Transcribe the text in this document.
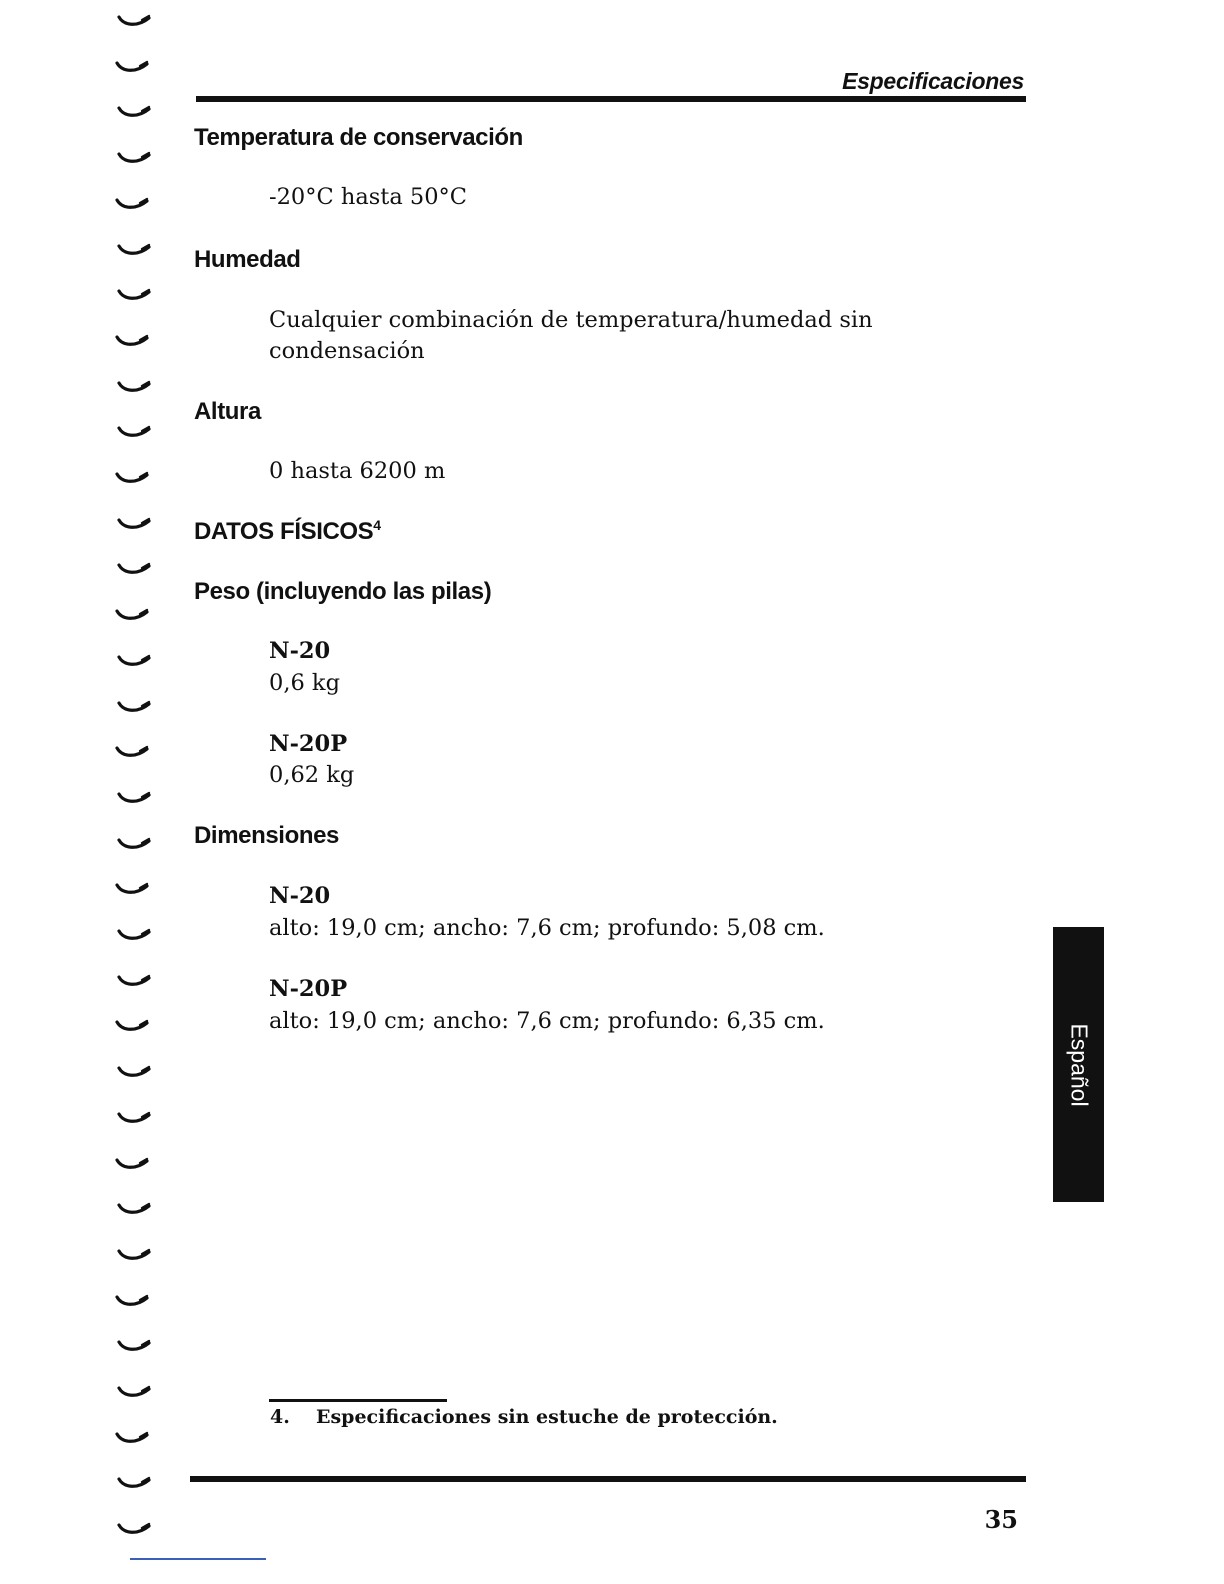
Especificaciones
Temperatura de conservación
-20°C hasta 50°C
Humedad
Cualquier combinación de temperatura/humedad sin
condensación
Altura
0 hasta 6200 m
DATOS FÍSICOS$^4$
Peso (incluyendo las pilas)
N-20
0,6 kg
N-20P
0,62 kg
Dimensiones
N-20
alto: 19,0 cm; ancho: 7,6 cm; profundo: 5,08 cm.
N-20P
alto: 19,0 cm; ancho: 7,6 cm; profundo: 6,35 cm.
Español
4. Especificaciones sin estuche de protección.
35
